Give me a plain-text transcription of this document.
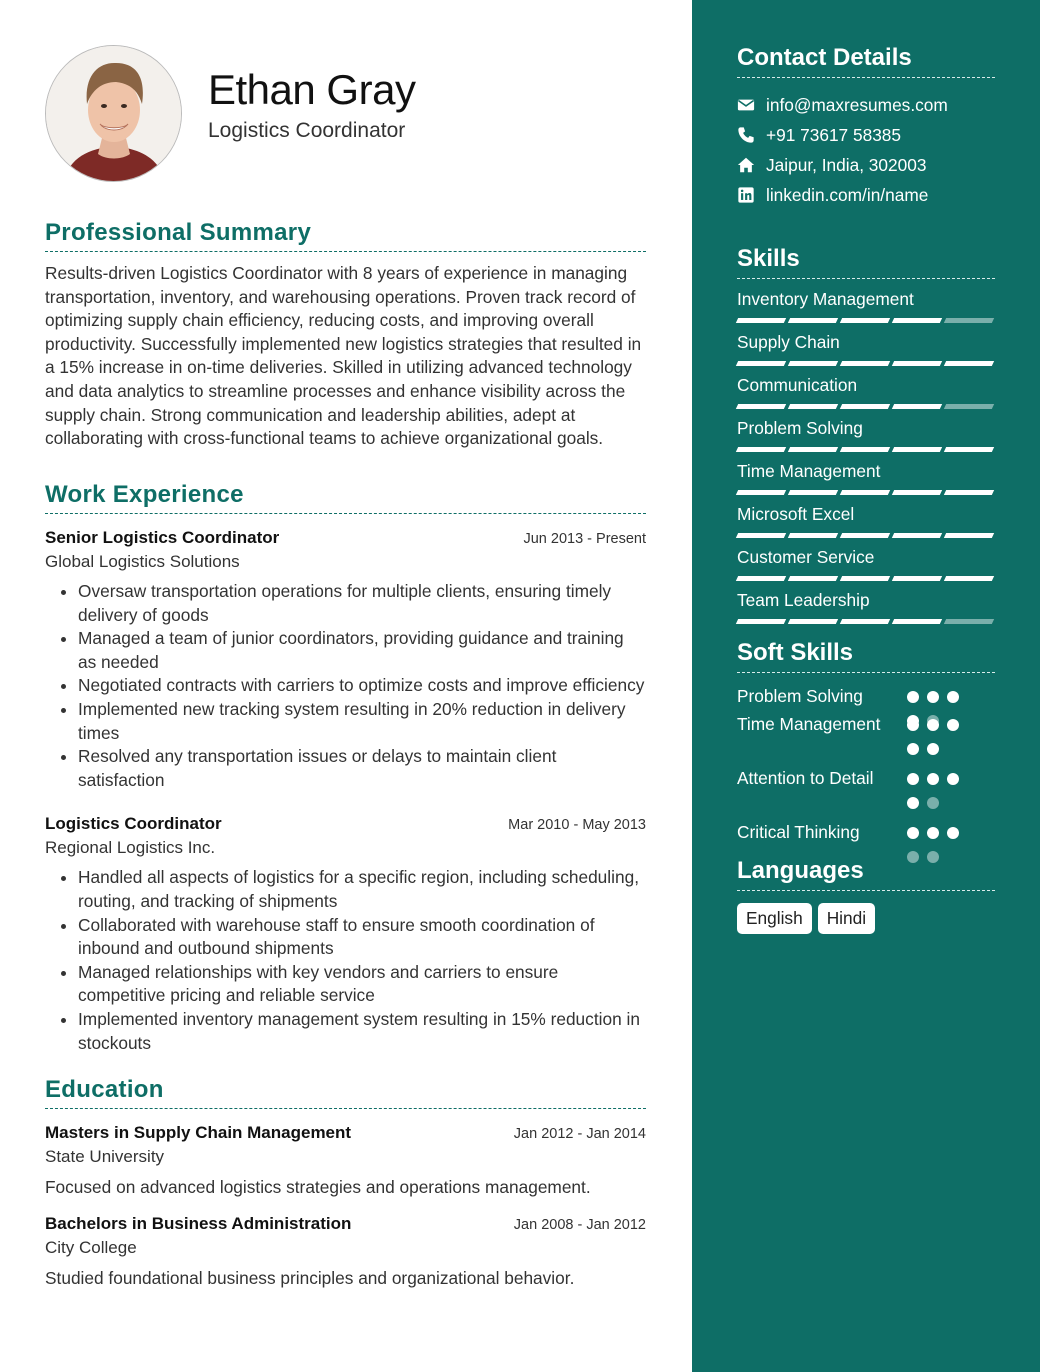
Ethan Gray
Logistics Coordinator
Professional Summary
Results-driven Logistics Coordinator with 8 years of experience in managing transportation, inventory, and warehousing operations. Proven track record of optimizing supply chain efficiency, reducing costs, and improving overall productivity. Successfully implemented new logistics strategies that resulted in a 15% increase in on-time deliveries. Skilled in utilizing advanced technology and data analytics to streamline processes and enhance visibility across the supply chain. Strong communication and leadership abilities, adept at collaborating with cross-functional teams to achieve organizational goals.
Work Experience
Senior Logistics Coordinator	Jun 2013 - Present
Global Logistics Solutions
• Oversaw transportation operations for multiple clients, ensuring timely delivery of goods
• Managed a team of junior coordinators, providing guidance and training as needed
• Negotiated contracts with carriers to optimize costs and improve efficiency
• Implemented new tracking system resulting in 20% reduction in delivery times
• Resolved any transportation issues or delays to maintain client satisfaction
Logistics Coordinator	Mar 2010 - May 2013
Regional Logistics Inc.
• Handled all aspects of logistics for a specific region, including scheduling, routing, and tracking of shipments
• Collaborated with warehouse staff to ensure smooth coordination of inbound and outbound shipments
• Managed relationships with key vendors and carriers to ensure competitive pricing and reliable service
• Implemented inventory management system resulting in 15% reduction in stockouts
Education
Masters in Supply Chain Management	Jan 2012 - Jan 2014
State University
Focused on advanced logistics strategies and operations management.
Bachelors in Business Administration	Jan 2008 - Jan 2012
City College
Studied foundational business principles and organizational behavior.
Contact Details
info@maxresumes.com
+91 73617 58385
Jaipur, India, 302003
linkedin.com/in/name
Skills
Inventory Management
Supply Chain
Communication
Problem Solving
Time Management
Microsoft Excel
Customer Service
Team Leadership
Soft Skills
Problem Solving
Time Management
Attention to Detail
Critical Thinking
Languages
English	Hindi
